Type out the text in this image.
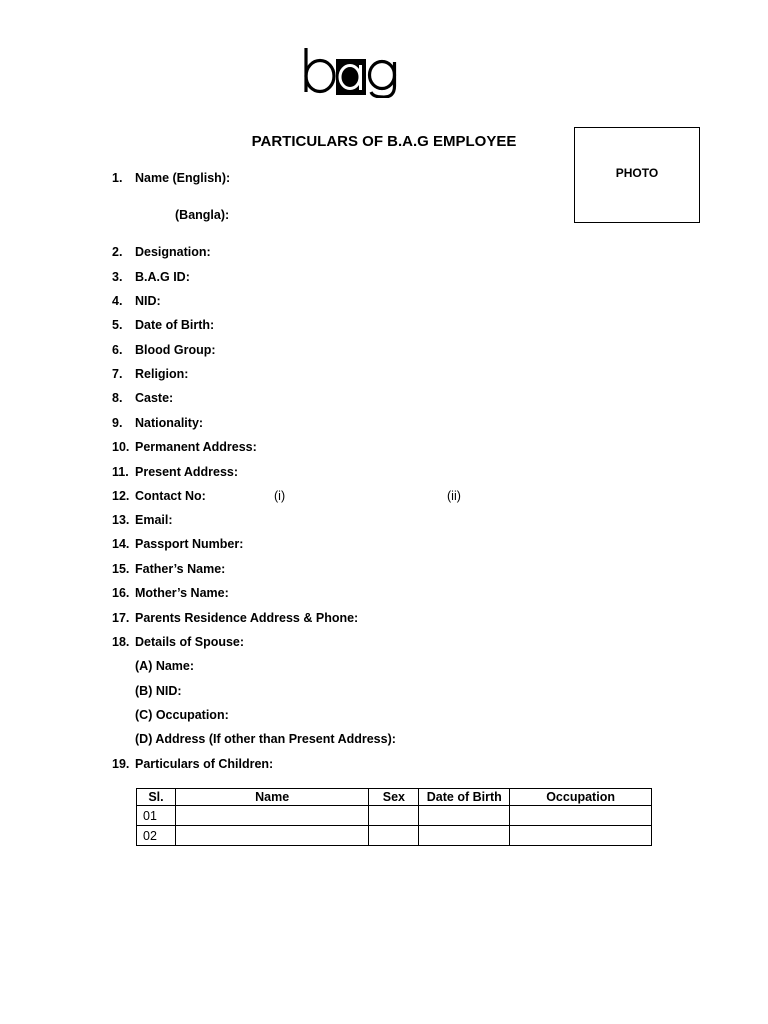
PARTICULARS OF B.A.G EMPLOYEE
PHOTO
1. Name (English):
(Bangla):
2. Designation:
3. B.A.G ID:
4. NID:
5. Date of Birth:
6. Blood Group:
7. Religion:
8. Caste:
9. Nationality:
10. Permanent Address:
11. Present Address:
12. Contact No:	(i)	(ii)
13. Email:
14. Passport Number:
15. Father’s Name:
16. Mother’s Name:
17. Parents Residence Address & Phone:
18. Details of Spouse:
(A) Name:
(B) NID:
(C) Occupation:
(D) Address (If other than Present Address):
19. Particulars of Children:
Sl.	Name	Sex	Date of Birth	Occupation
01				
02				
